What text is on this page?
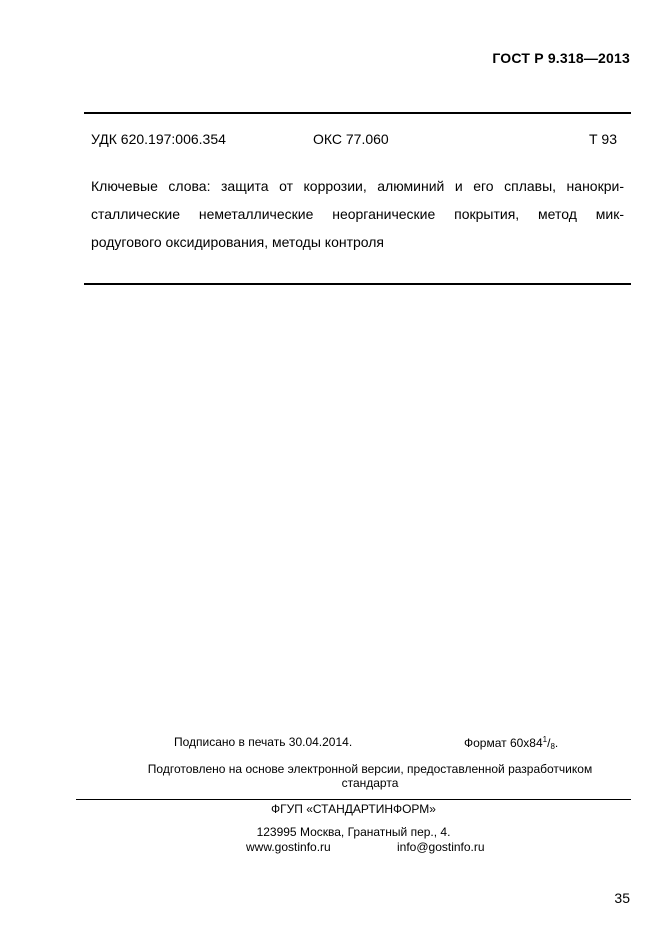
ГОСТ Р 9.318—2013
УДК 620.197:006.354	ОКС 77.060	Т 93
Ключевые слова: защита от коррозии, алюминий и его сплавы, нанокри-
сталлические неметаллические неорганические покрытия, метод мик-
родугового оксидирования, методы контроля
Подписано в печать 30.04.2014.	Формат $60x84^1/_8$.
Подготовлено на основе электронной версии, предоставленной разработчиком
стандарта
ФГУП «СТАНДАРТИНФОРМ»
123995 Москва, Гранатный пер., 4.
www.gostinfo.ru	info@gostinfo.ru
35
